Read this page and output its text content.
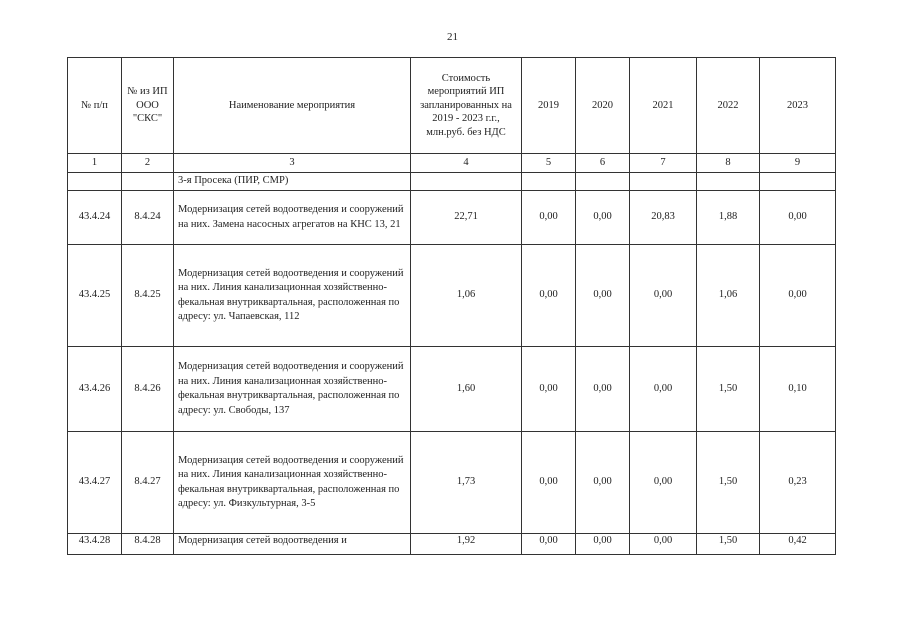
21
№ п/п	№ из ИП ООО "СКС"	Наименование мероприятия	Стоимость мероприятий ИП запланированных на 2019 - 2023 г.г., млн.руб. без НДС	2019	2020	2021	2022	2023
1	2	3	4	5	6	7	8	9
		3-я Просека (ПИР, СМР)						
43.4.24	8.4.24	Модернизация сетей водоотведения и сооружений на них. Замена насосных агрегатов на КНС 13, 21	22,71	0,00	0,00	20,83	1,88	0,00
43.4.25	8.4.25	Модернизация сетей водоотведения и сооружений на них. Линия канализационная хозяйственно-фекальная внутриквартальная, расположенная по адресу: ул. Чапаевская, 112	1,06	0,00	0,00	0,00	1,06	0,00
43.4.26	8.4.26	Модернизация сетей водоотведения и сооружений на них. Линия канализационная хозяйственно-фекальная внутриквартальная, расположенная по адресу: ул. Свободы, 137	1,60	0,00	0,00	0,00	1,50	0,10
43.4.27	8.4.27	Модернизация сетей водоотведения и сооружений на них. Линия канализационная хозяйственно-фекальная внутриквартальная, расположенная по адресу: ул. Физкультурная, 3-5	1,73	0,00	0,00	0,00	1,50	0,23
43.4.28	8.4.28	Модернизация сетей водоотведения и	1,92	0,00	0,00	0,00	1,50	0,42
